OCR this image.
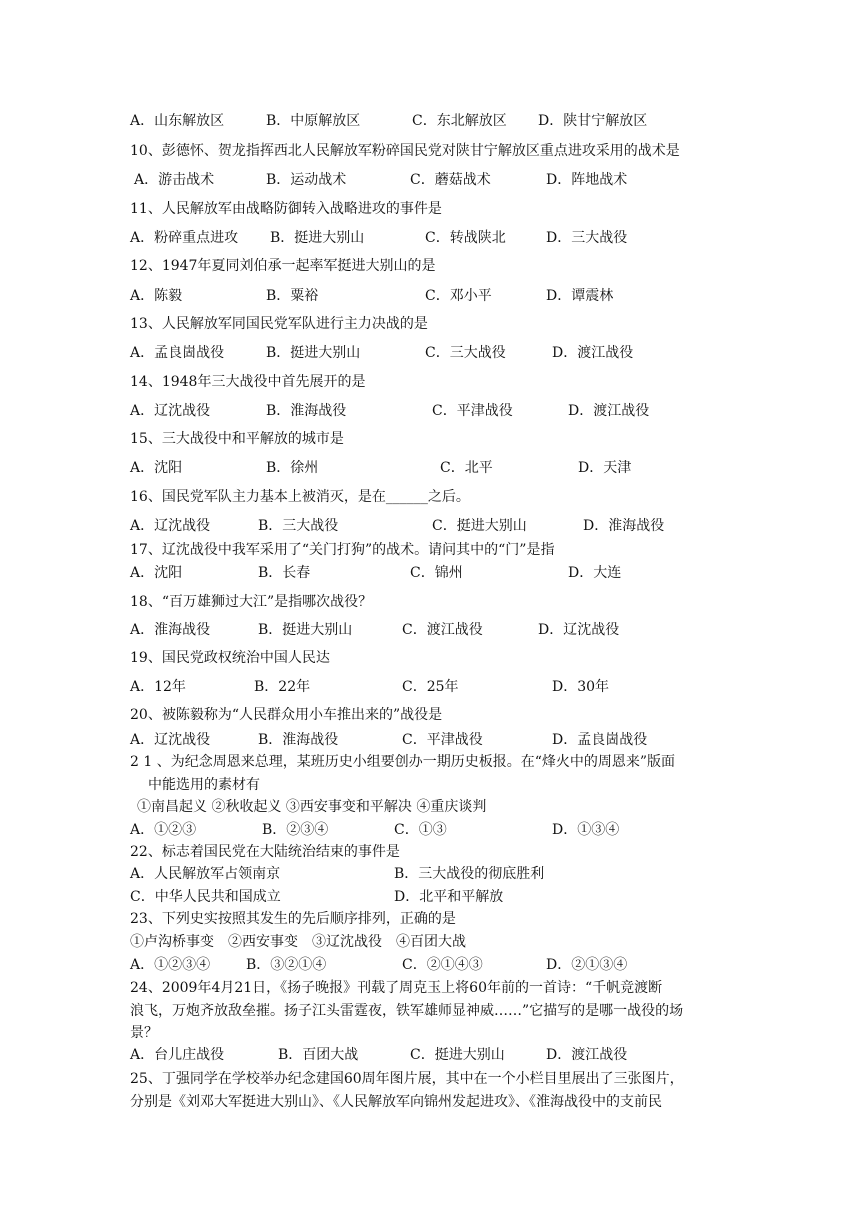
A．山东解放区	B．中原解放区	C．东北解放区 D．陕甘宁解放区
10、彭德怀、贺龙指挥西北人民解放军粉碎国民党对陕甘宁解放区重点进攻采用的战术是
A．游击战术	B．运动战术	C．蘑菇战术	D．阵地战术
11、人民解放军由战略防御转入战略进攻的事件是
A．粉碎重点进攻 B．挺进大别山	C．转战陕北	D．三大战役
12、1947年夏同刘伯承一起率军挺进大别山的是
A．陈毅	B．粟裕	C．邓小平	D．谭震林
13、人民解放军同国民党军队进行主力决战的是
A．孟良崮战役	B．挺进大别山	C．三大战役	D．渡江战役
14、1948年三大战役中首先展开的是
A．辽沈战役	B．淮海战役	C．平津战役	D．渡江战役
15、三大战役中和平解放的城市是
A．沈阳	B．徐州	C．北平	D．天津
16、国民党军队主力基本上被消灭，是在______之后。
A．辽沈战役	B．三大战役	C．挺进大别山	D．淮海战役
17、辽沈战役中我军采用了“关门打狗”的战术。请问其中的“门”是指
A．沈阳	B．长春	C．锦州	D．大连
18、“百万雄狮过大江”是指哪次战役？
A．淮海战役	B．挺进大别山	C．渡江战役	D．辽沈战役
19、国民党政权统治中国人民达
A．12年	B．22年	C．25年	D．30年
20、被陈毅称为“人民群众用小车推出来的”战役是
A．辽沈战役	B．淮海战役	C．平津战役	D．孟良崮战役
2 1 、为纪念周恩来总理，某班历史小组要创办一期历史板报。在“烽火中的周恩来”版面
中能选用的素材有
①南昌起义 ②秋收起义 ③西安事变和平解决 ④重庆谈判
A．①②③	B．②③④	C．①③	D．①③④
22、标志着国民党在大陆统治结束的事件是
A．人民解放军占领南京	B．三大战役的彻底胜利
C．中华人民共和国成立	D．北平和平解放
23、下列史实按照其发生的先后顺序排列，正确的是
①卢沟桥事变　②西安事变　③辽沈战役　④百团大战
A．①②③④	B．③②①④	C．②①④③	D．②①③④
24、2009年4月21日，《扬子晚报》刊载了周克玉上将60年前的一首诗：“千帆竞渡断
浪飞，万炮齐放敌垒摧。扬子江头雷霆夜，铁军雄师显神威……”它描写的是哪一战役的场
景？
A．台儿庄战役	B．百团大战	C．挺进大别山	D．渡江战役
25、丁强同学在学校举办纪念建国60周年图片展，其中在一个小栏目里展出了三张图片，
分别是《刘邓大军挺进大别山》、《人民解放军向锦州发起进攻》、《淮海战役中的支前民
